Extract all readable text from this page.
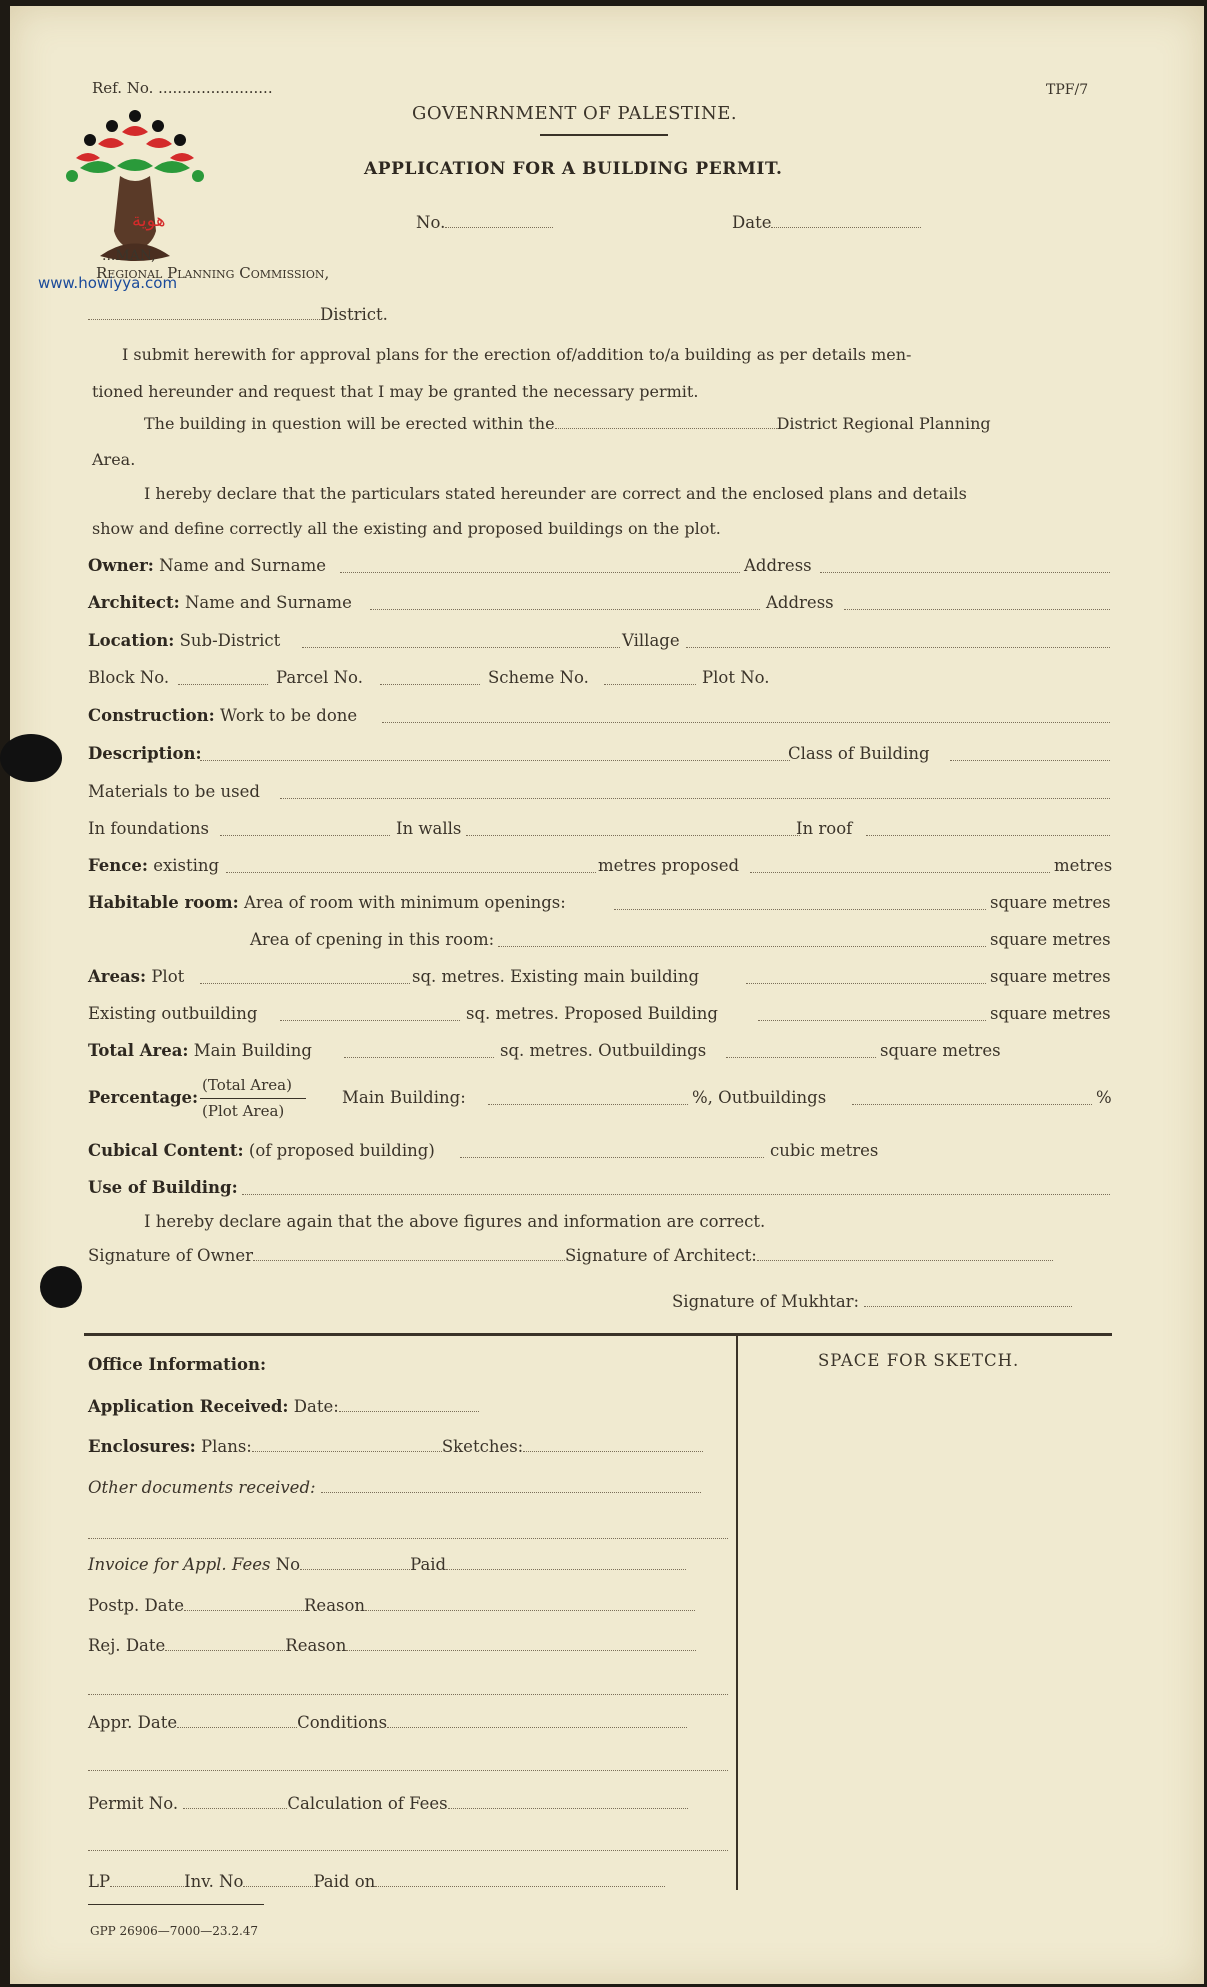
هوية
www.howiyya.com
Ref. No. ........................	TPF/7
GOVENRNMENT OF PALESTINE.
APPLICATION FOR A BUILDING PERMIT.
No.	Date
...MAN,
Regional Planning Commission,
District.
I submit herewith for approval plans for the erection of/addition to/a building as per details men-
tioned hereunder and request that I may be granted the necessary permit.
The building in question will be erected within the	District Regional Planning
Area.
I hereby declare that the particulars stated hereunder are correct and the enclosed plans and details
show and define correctly all the existing and proposed buildings on the plot.
Owner: Name and Surname	Address
Architect: Name and Surname	Address
Location: Sub-District	Village
Block No.	Parcel No.	Scheme No.	Plot No.
Construction: Work to be done
Description:	Class of Building
Materials to be used
In foundations	In walls	In roof
Fence: existing	metres proposed	metres
Habitable room: Area of room with minimum openings:	square metres
Area of cpening in this room:	square metres
Areas: Plot	sq. metres. Existing main building	square metres
Existing outbuilding	sq. metres. Proposed Building	square metres
Total Area: Main Building	sq. metres. Outbuildings	square metres
Percentage:
(Total Area)
(Plot Area)
Main Building:	%, Outbuildings	%
Cubical Content: (of proposed building)	cubic metres
Use of Building:
I hereby declare again that the above figures and information are correct.
Signature of Owner	Signature of Architect:
Signature of Mukhtar:
Office Information:	SPACE FOR SKETCH.
Application Received: Date:
Enclosures: Plans:	Sketches:
Other documents received:
Invoice for Appl. Fees No	Paid
Postp. Date	Reason
Rej. Date	Reason
Appr. Date	Conditions
Permit No.	Calculation of Fees
LP	Inv. No	Paid on
GPP 26906—7000—23.2.47
